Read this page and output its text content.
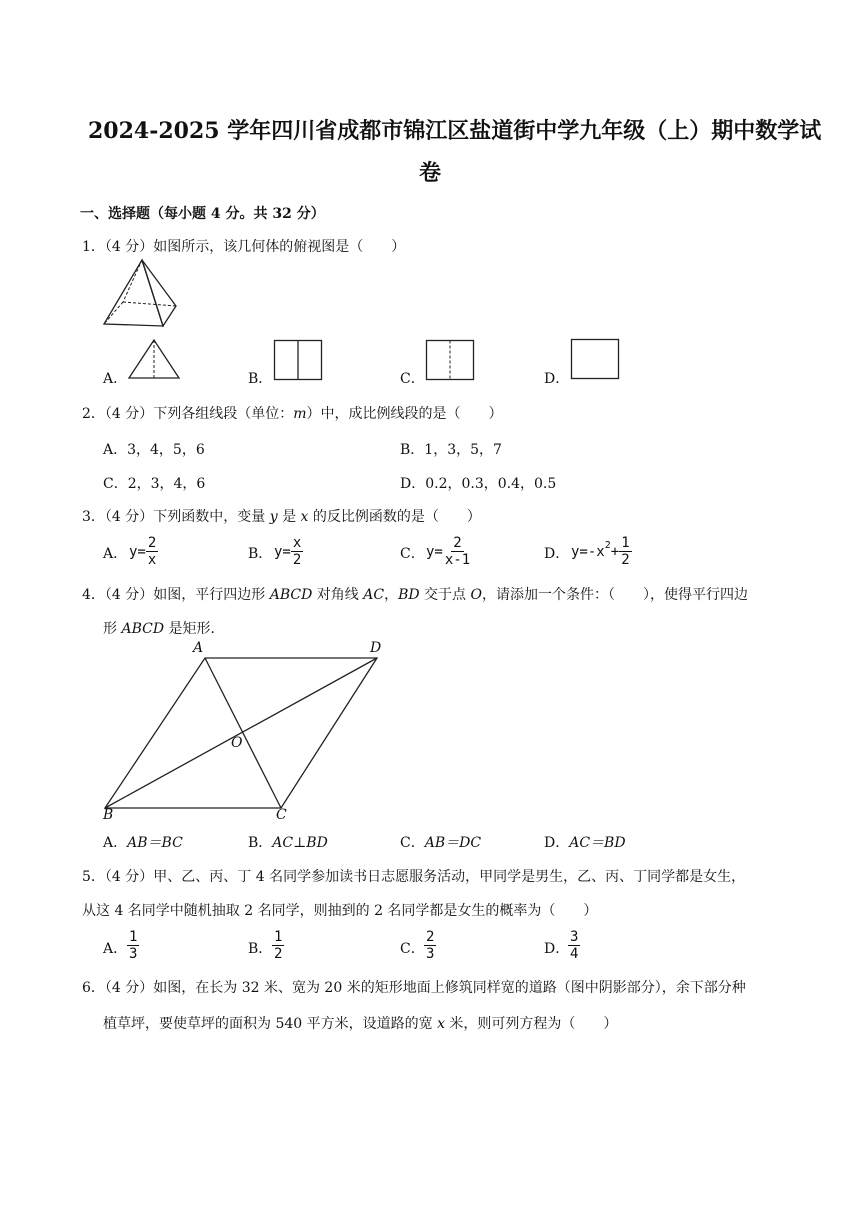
2024-2025 学年四川省成都市锦江区盐道街中学九年级（上）期中数学试
卷
一、选择题（每小题 4 分。共 32 分）
1．（4 分）如图所示，该几何体的俯视图是（　　）
A．	B．	C．	D．
2．（4 分）下列各组线段（单位：m）中，成比例线段的是（　　）
A．3，4，5，6	B．1，3，5，7
C．2，3，4，6	D．0.2，0.3，0.4，0.5
3．（4 分）下列函数中，变量 y 是 x 的反比例函数的是（　　）
A． $y= \frac{2}{x}$	B． $y= \frac{x}{2}$	C． $y= \frac{2}{x-1}$	D． $y=-x^2 + \frac{1}{2}$
4．（4 分）如图，平行四边形 ABCD 对角线 AC，BD 交于点 O，请添加一个条件：（　　），使得平行四边
形 ABCD 是矩形．
A	D
B	C
O
A．AB＝BC	B．AC⊥BD	C．AB＝DC	D．AC＝BD
5．（4 分）甲、乙、丙、丁 4 名同学参加读书日志愿服务活动，甲同学是男生，乙、丙、丁同学都是女生，
从这 4 名同学中随机抽取 2 名同学，则抽到的 2 名同学都是女生的概率为（　　）
A． $\frac{1}{3}$	B． $\frac{1}{2}$	C． $\frac{2}{3}$	D．
$\frac{3}{4}$
6．（4 分）如图，在长为 32 米、宽为 20 米的矩形地面上修筑同样宽的道路（图中阴影部分），余下部分种
植草坪，要使草坪的面积为 540 平方米，设道路的宽 x 米，则可列方程为（　　）
